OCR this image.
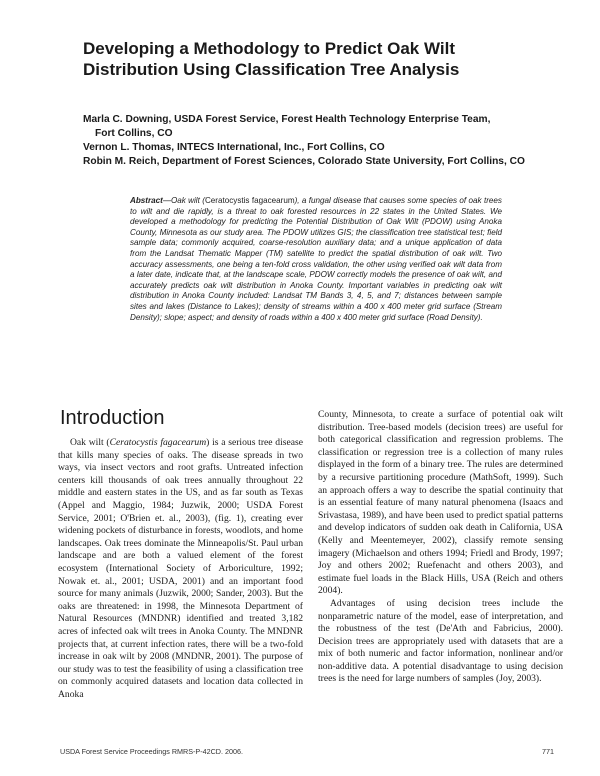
Developing a Methodology to Predict Oak Wilt Distribution Using Classification Tree Analysis
Marla C. Downing, USDA Forest Service, Forest Health Technology Enterprise Team,
Fort Collins, CO
Vernon L. Thomas, INTECS International, Inc., Fort Collins, CO
Robin M. Reich, Department of Forest Sciences, Colorado State University, Fort Collins, CO

Abstract—Oak wilt (Ceratocystis fagacearum), a fungal disease that causes some species of oak trees to wilt and die rapidly, is a threat to oak forested resources in 22 states in the United States. We developed a methodology for predicting the Potential Distribution of Oak Wilt (PDOW) using Anoka County, Minnesota as our study area. The PDOW utilizes GIS; the classification tree statistical test; field sample data; commonly acquired, coarse-resolution auxiliary data; and a unique application of data from the Landsat Thematic Mapper (TM) satellite to predict the spatial distribution of oak wilt. Two accuracy assessments, one being a ten-fold cross validation, the other using verified oak wilt data from a later date, indicate that, at the landscape scale, PDOW correctly models the presence of oak wilt, and accurately predicts oak wilt distribution in Anoka County. Important variables in predicting oak wilt distribution in Anoka County included: Landsat TM Bands 3, 4, 5, and 7; distances between sample sites and lakes (Distance to Lakes); density of streams within a 400 x 400 meter grid surface (Stream Density); slope; aspect; and density of roads within a 400 x 400 meter grid surface (Road Density).

Introduction

Oak wilt (Ceratocystis fagacearum) is a serious tree disease that kills many species of oaks. The disease spreads in two ways, via insect vectors and root grafts. Untreated infection centers kill thousands of oak trees annually throughout 22 middle and eastern states in the US, and as far south as Texas (Appel and Maggio, 1984; Juzwik, 2000; USDA Forest Service, 2001; O'Brien et. al., 2003), (fig. 1), creating ever widening pockets of disturbance in forests, woodlots, and home landscapes. Oak trees dominate the Minneapolis/St. Paul urban landscape and are both a valued element of the forest ecosystem (International Society of Arboriculture, 1992; Nowak et. al., 2001; USDA, 2001) and an important food source for many animals (Juzwik, 2000; Sander, 2003). But the oaks are threatened: in 1998, the Minnesota Department of Natural Resources (MNDNR) identified and treated 3,182 acres of infected oak wilt trees in Anoka County. The MNDNR projects that, at current infection rates, there will be a two-fold increase in oak wilt by 2008 (MNDNR, 2001). The purpose of our study was to test the feasibility of using a classification tree on commonly acquired datasets and location data collected in Anoka

County, Minnesota, to create a surface of potential oak wilt distribution. Tree-based models (decision trees) are useful for both categorical classification and regression problems. The classification or regression tree is a collection of many rules displayed in the form of a binary tree. The rules are determined by a recursive partitioning procedure (MathSoft, 1999). Such an approach offers a way to describe the spatial continuity that is an essential feature of many natural phenomena (Isaacs and Srivastasa, 1989), and have been used to predict spatial patterns and develop indicators of sudden oak death in California, USA (Kelly and Meentemeyer, 2002), classify remote sensing imagery (Michaelson and others 1994; Friedl and Brody, 1997; Joy and others 2002; Ruefenacht and others 2003), and estimate fuel loads in the Black Hills, USA (Reich and others 2004).

Advantages of using decision trees include the nonparametric nature of the model, ease of interpretation, and the robustness of the test (De'Ath and Fabricius, 2000). Decision trees are appropriately used with datasets that are a mix of both numeric and factor information, nonlinear and/or non-additive data. A potential disadvantage to using decision trees is the need for large numbers of samples (Joy, 2003).

USDA Forest Service Proceedings RMRS-P-42CD. 2006.	771
